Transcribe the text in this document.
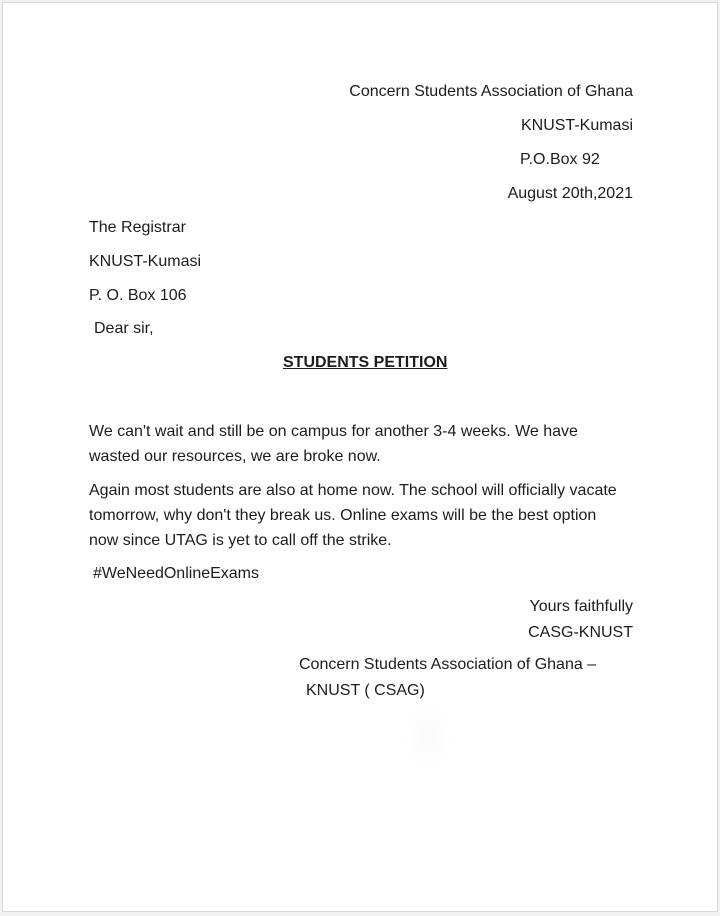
Concern Students Association of Ghana
KNUST-Kumasi
P.O.Box 92
August 20th,2021
The Registrar
KNUST-Kumasi
P. O. Box 106
Dear sir,
STUDENTS PETITION
We can't wait and still be on campus for another 3-4 weeks. We have wasted our resources, we are broke now.
Again most students are also at home now. The school will officially vacate tomorrow, why don't they break us. Online exams will be the best option now since UTAG is yet to call off the strike.
#WeNeedOnlineExams
Yours faithfully
CASG-KNUST
Concern Students Association of Ghana –
KNUST ( CSAG)
